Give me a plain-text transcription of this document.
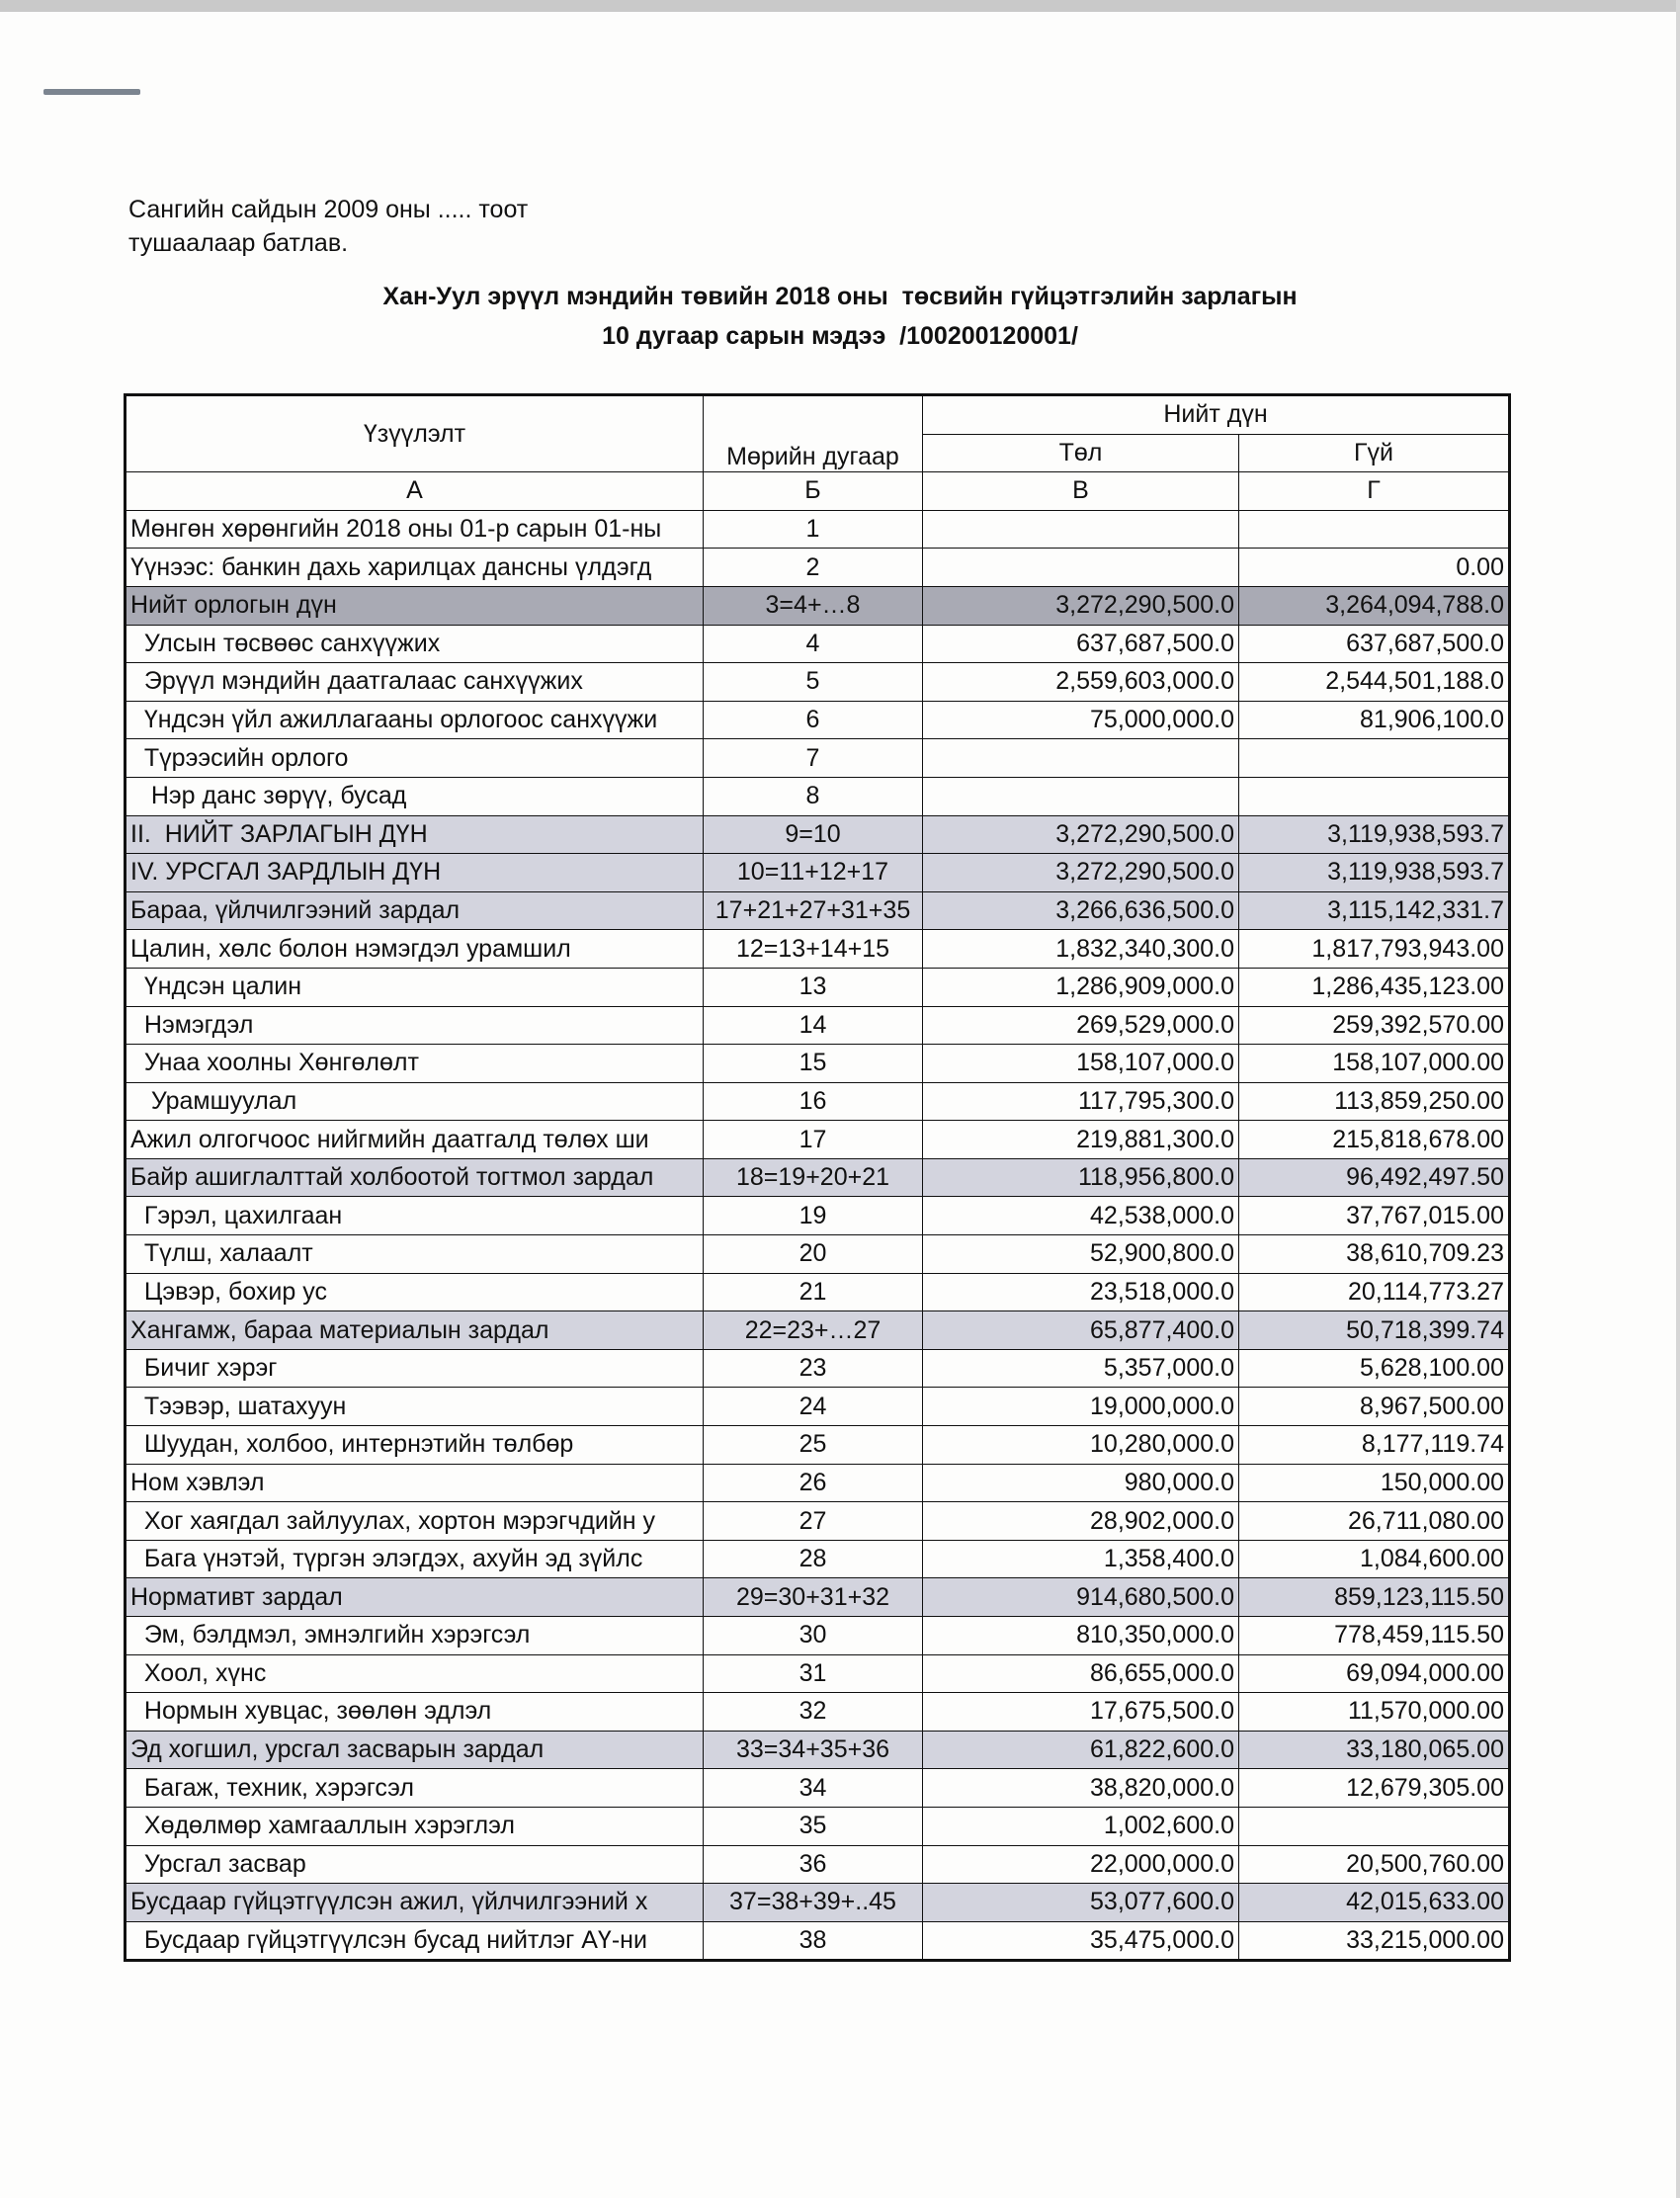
Сангийн сайдын 2009 оны ..... тоот
тушаалаар батлав.
Хан-Уул эрүүл мэндийн төвийн 2018 оны  төсвийн гүйцэтгэлийн зарлагын
10 дугаар сарын мэдээ  /100200120001/
Үзүүлэлт	Мөрийн дугаар	Нийт дүн	
		Төл	Гүй
А	Б	В	Г
Мөнгөн хөрөнгийн 2018 оны 01-р сарын 01-ны	1		
Үүнээс: банкин дахь харилцах дансны үлдэгд	2		0.00
Нийт орлогын дүн	3=4+…8	3,272,290,500.0	3,264,094,788.0
Улсын төсвөөс санхүүжих	4	637,687,500.0	637,687,500.0
Эрүүл мэндийн даатгалаас санхүүжих	5	2,559,603,000.0	2,544,501,188.0
Үндсэн үйл ажиллагааны орлогоос санхүүжи	6	75,000,000.0	81,906,100.0
Түрээсийн орлого	7		
Нэр данс зөрүү, бусад	8		
II.  НИЙТ ЗАРЛАГЫН ДҮН	9=10	3,272,290,500.0	3,119,938,593.7
IV. УРСГАЛ ЗАРДЛЫН ДҮН	10=11+12+17	3,272,290,500.0	3,119,938,593.7
Бараа, үйлчилгээний зардал	17+21+27+31+35	3,266,636,500.0	3,115,142,331.7
Цалин, хөлс болон нэмэгдэл урамшил	12=13+14+15	1,832,340,300.0	1,817,793,943.00
Үндсэн цалин	13	1,286,909,000.0	1,286,435,123.00
Нэмэгдэл	14	269,529,000.0	259,392,570.00
Унаа хоолны Хөнгөлөлт	15	158,107,000.0	158,107,000.00
Урамшуулал	16	117,795,300.0	113,859,250.00
Ажил олгогчоос нийгмийн даатгалд төлөх ши	17	219,881,300.0	215,818,678.00
Байр ашиглалттай холбоотой тогтмол зардал	18=19+20+21	118,956,800.0	96,492,497.50
Гэрэл, цахилгаан	19	42,538,000.0	37,767,015.00
Түлш, халаалт	20	52,900,800.0	38,610,709.23
Цэвэр, бохир ус	21	23,518,000.0	20,114,773.27
Хангамж, бараа материалын зардал	22=23+…27	65,877,400.0	50,718,399.74
Бичиг хэрэг	23	5,357,000.0	5,628,100.00
Тээвэр, шатахуун	24	19,000,000.0	8,967,500.00
Шуудан, холбоо, интернэтийн төлбөр	25	10,280,000.0	8,177,119.74
Ном хэвлэл	26	980,000.0	150,000.00
Хог хаягдал зайлуулах, хортон мэрэгчдийн у	27	28,902,000.0	26,711,080.00
Бага үнэтэй, түргэн элэгдэх, ахуйн эд зүйлс	28	1,358,400.0	1,084,600.00
Нормативт зардал	29=30+31+32	914,680,500.0	859,123,115.50
Эм, бэлдмэл, эмнэлгийн хэрэгсэл	30	810,350,000.0	778,459,115.50
Хоол, хүнс	31	86,655,000.0	69,094,000.00
Нормын хувцас, зөөлөн эдлэл	32	17,675,500.0	11,570,000.00
Эд хогшил, урсгал засварын зардал	33=34+35+36	61,822,600.0	33,180,065.00
Багаж, техник, хэрэгсэл	34	38,820,000.0	12,679,305.00
Хөдөлмөр хамгааллын хэрэглэл	35	1,002,600.0	
Урсгал засвар	36	22,000,000.0	20,500,760.00
Бусдаар гүйцэтгүүлсэн ажил, үйлчилгээний х	37=38+39+..45	53,077,600.0	42,015,633.00
Бусдаар гүйцэтгүүлсэн бусад нийтлэг АҮ-ни	38	35,475,000.0	33,215,000.00
